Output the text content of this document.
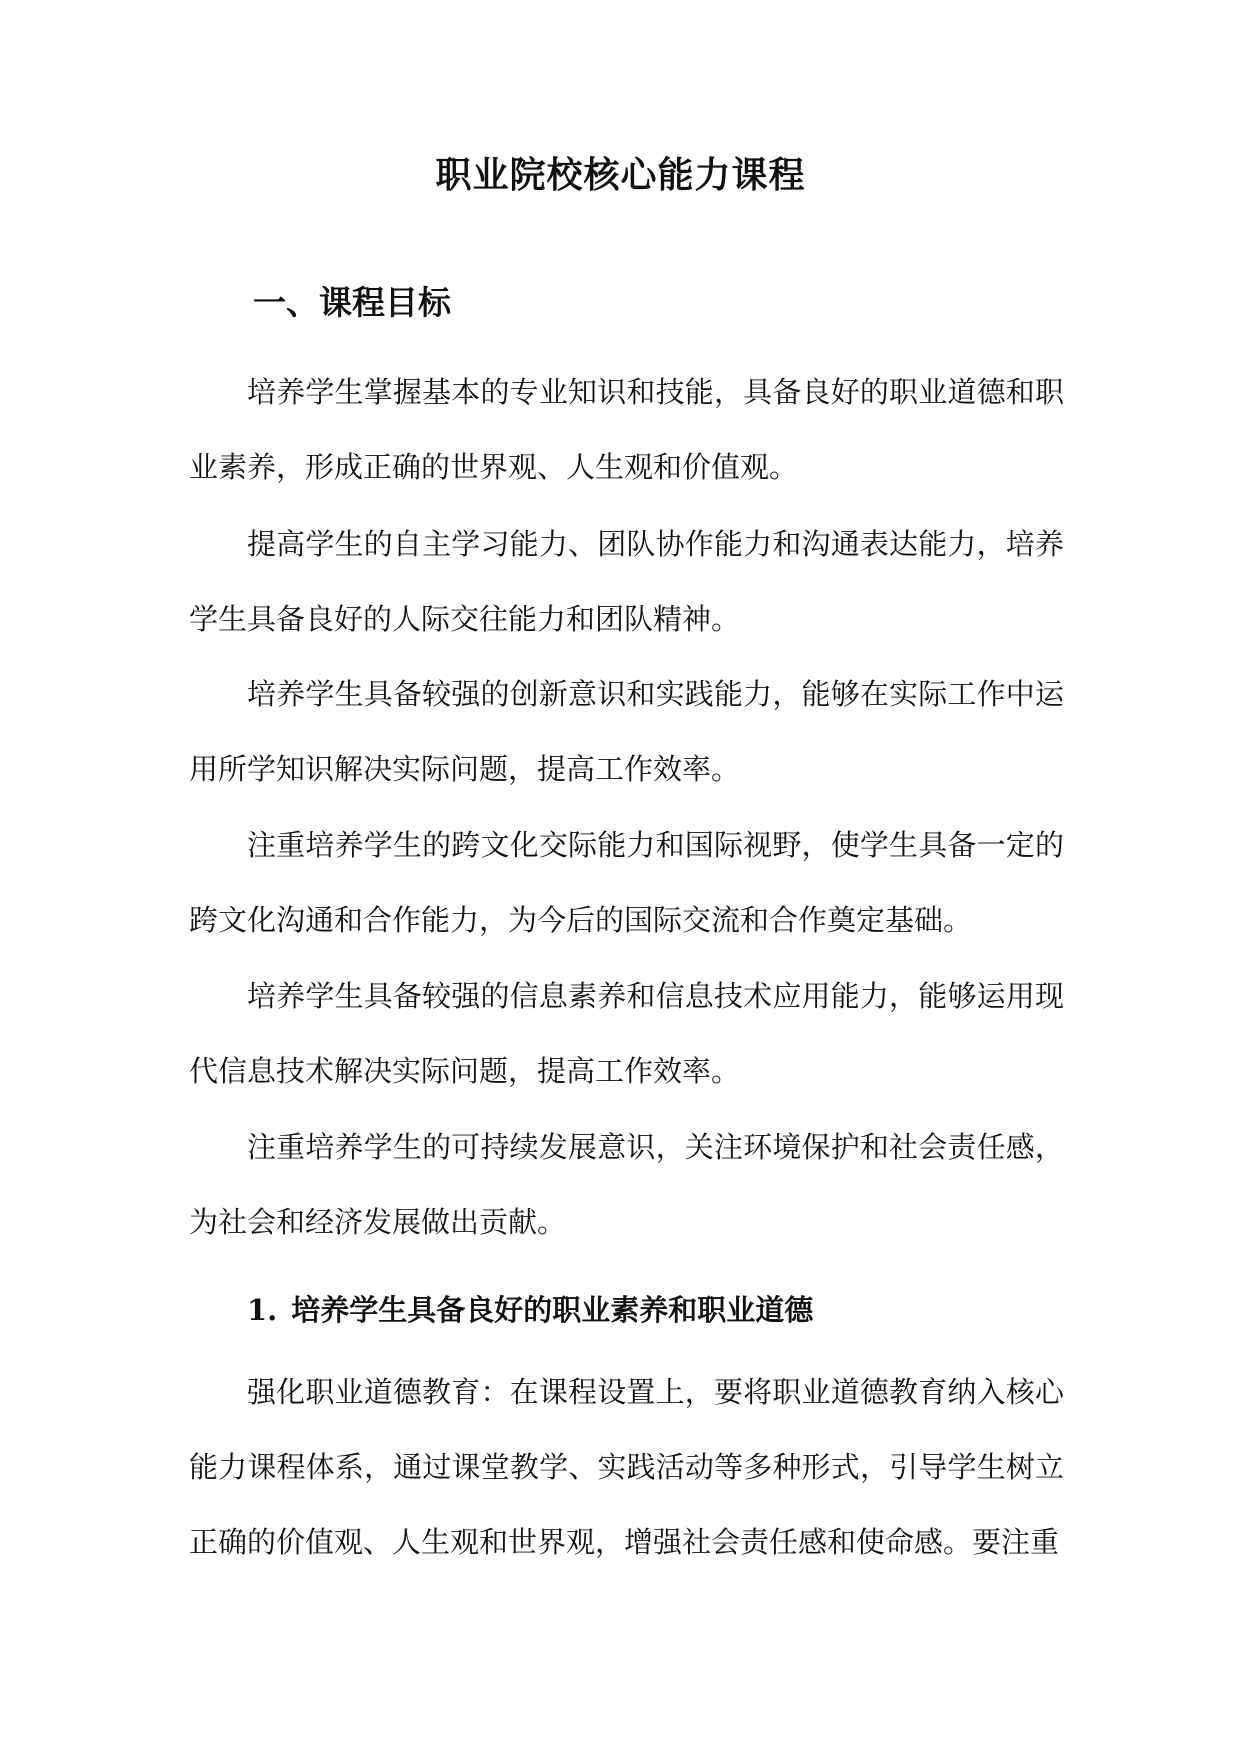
职业院校核心能力课程
一、课程目标

培养学生掌握基本的专业知识和技能，具备良好的职业道德和职业素养，形成正确的世界观、人生观和价值观。

提高学生的自主学习能力、团队协作能力和沟通表达能力，培养学生具备良好的人际交往能力和团队精神。

培养学生具备较强的创新意识和实践能力，能够在实际工作中运用所学知识解决实际问题，提高工作效率。

注重培养学生的跨文化交际能力和国际视野，使学生具备一定的跨文化沟通和合作能力，为今后的国际交流和合作奠定基础。

培养学生具备较强的信息素养和信息技术应用能力，能够运用现代信息技术解决实际问题，提高工作效率。

注重培养学生的可持续发展意识，关注环境保护和社会责任感，为社会和经济发展做出贡献。

1. 培养学生具备良好的职业素养和职业道德

强化职业道德教育：在课程设置上，要将职业道德教育纳入核心能力课程体系，通过课堂教学、实践活动等多种形式，引导学生树立正确的价值观、人生观和世界观，增强社会责任感和使命感。要注重
